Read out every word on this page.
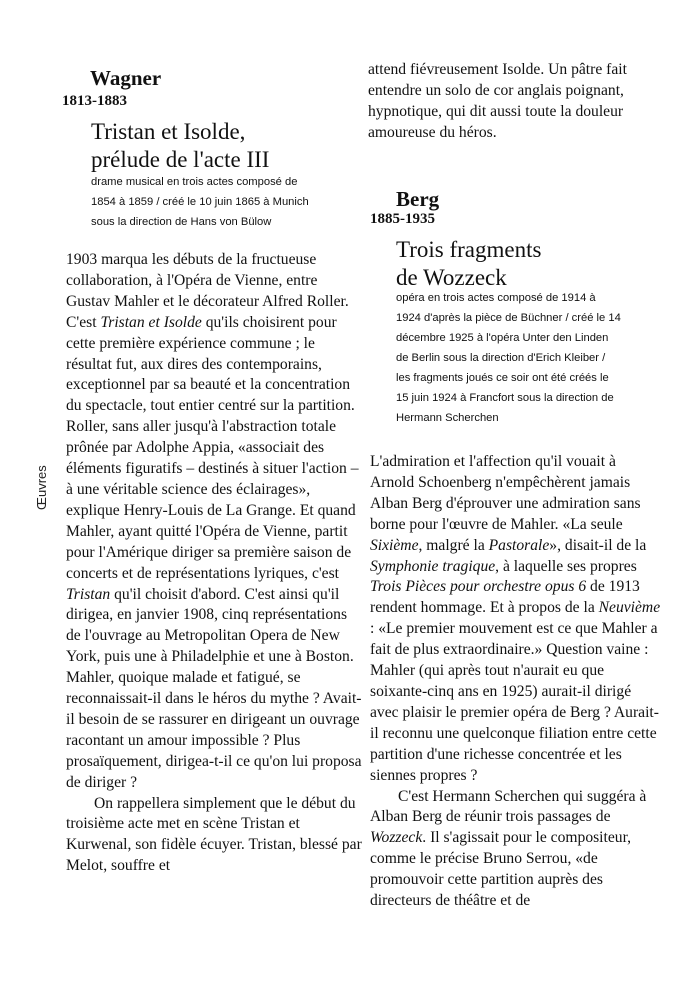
Œuvres
Wagner
1813-1883
Tristan et Isolde,
prélude de l'acte III
drame musical en trois actes composé de
1854 à 1859 / créé le 10 juin 1865 à Munich
sous la direction de Hans von Bülow

1903 marqua les débuts de la fructueuse collaboration, à l'Opéra de Vienne, entre Gustav Mahler et le décorateur Alfred Roller. C'est Tristan et Isolde qu'ils choisirent pour cette première expérience commune ; le résultat fut, aux dires des contemporains, exceptionnel par sa beauté et la concentration du spectacle, tout entier centré sur la partition. Roller, sans aller jusqu'à l'abstraction totale prônée par Adolphe Appia, «associait des éléments figuratifs – destinés à situer l'action – à une véritable science des éclairages», explique Henry-Louis de La Grange. Et quand Mahler, ayant quitté l'Opéra de Vienne, partit pour l'Amérique diriger sa première saison de concerts et de représentations lyriques, c'est Tristan qu'il choisit d'abord. C'est ainsi qu'il dirigea, en janvier 1908, cinq représentations de l'ouvrage au Metropolitan Opera de New York, puis une à Philadelphie et une à Boston. Mahler, quoique malade et fatigué, se reconnaissait-il dans le héros du mythe ? Avait-il besoin de se rassurer en dirigeant un ouvrage racontant un amour impossible ? Plus prosaïquement, dirigea-t-il ce qu'on lui proposa de diriger ?

On rappellera simplement que le début du troisième acte met en scène Tristan et Kurwenal, son fidèle écuyer. Tristan, blessé par Melot, souffre et

attend fiévreusement Isolde. Un pâtre fait entendre un solo de cor anglais poignant, hypnotique, qui dit aussi toute la douleur amoureuse du héros.
Berg
1885-1935
Trois fragments
de Wozzeck
opéra en trois actes composé de 1914 à
1924 d'après la pièce de Büchner / créé le 14
décembre 1925 à l'opéra Unter den Linden
de Berlin sous la direction d'Erich Kleiber /
les fragments joués ce soir ont été créés le
15 juin 1924 à Francfort sous la direction de
Hermann Scherchen

L'admiration et l'affection qu'il vouait à Arnold Schoenberg n'empêchèrent jamais Alban Berg d'éprouver une admiration sans borne pour l'œuvre de Mahler. «La seule Sixième, malgré la Pastorale», disait-il de la Symphonie tragique, à laquelle ses propres Trois Pièces pour orchestre opus 6 de 1913 rendent hommage. Et à propos de la Neuvième : «Le premier mouvement est ce que Mahler a fait de plus extraordinaire.» Question vaine : Mahler (qui après tout n'aurait eu que soixante-cinq ans en 1925) aurait-il dirigé avec plaisir le premier opéra de Berg ? Aurait-il reconnu une quelconque filiation entre cette partition d'une richesse concentrée et les siennes propres ?

C'est Hermann Scherchen qui suggéra à Alban Berg de réunir trois passages de Wozzeck. Il s'agissait pour le compositeur, comme le précise Bruno Serrou, «de promouvoir cette partition auprès des directeurs de théâtre et de
